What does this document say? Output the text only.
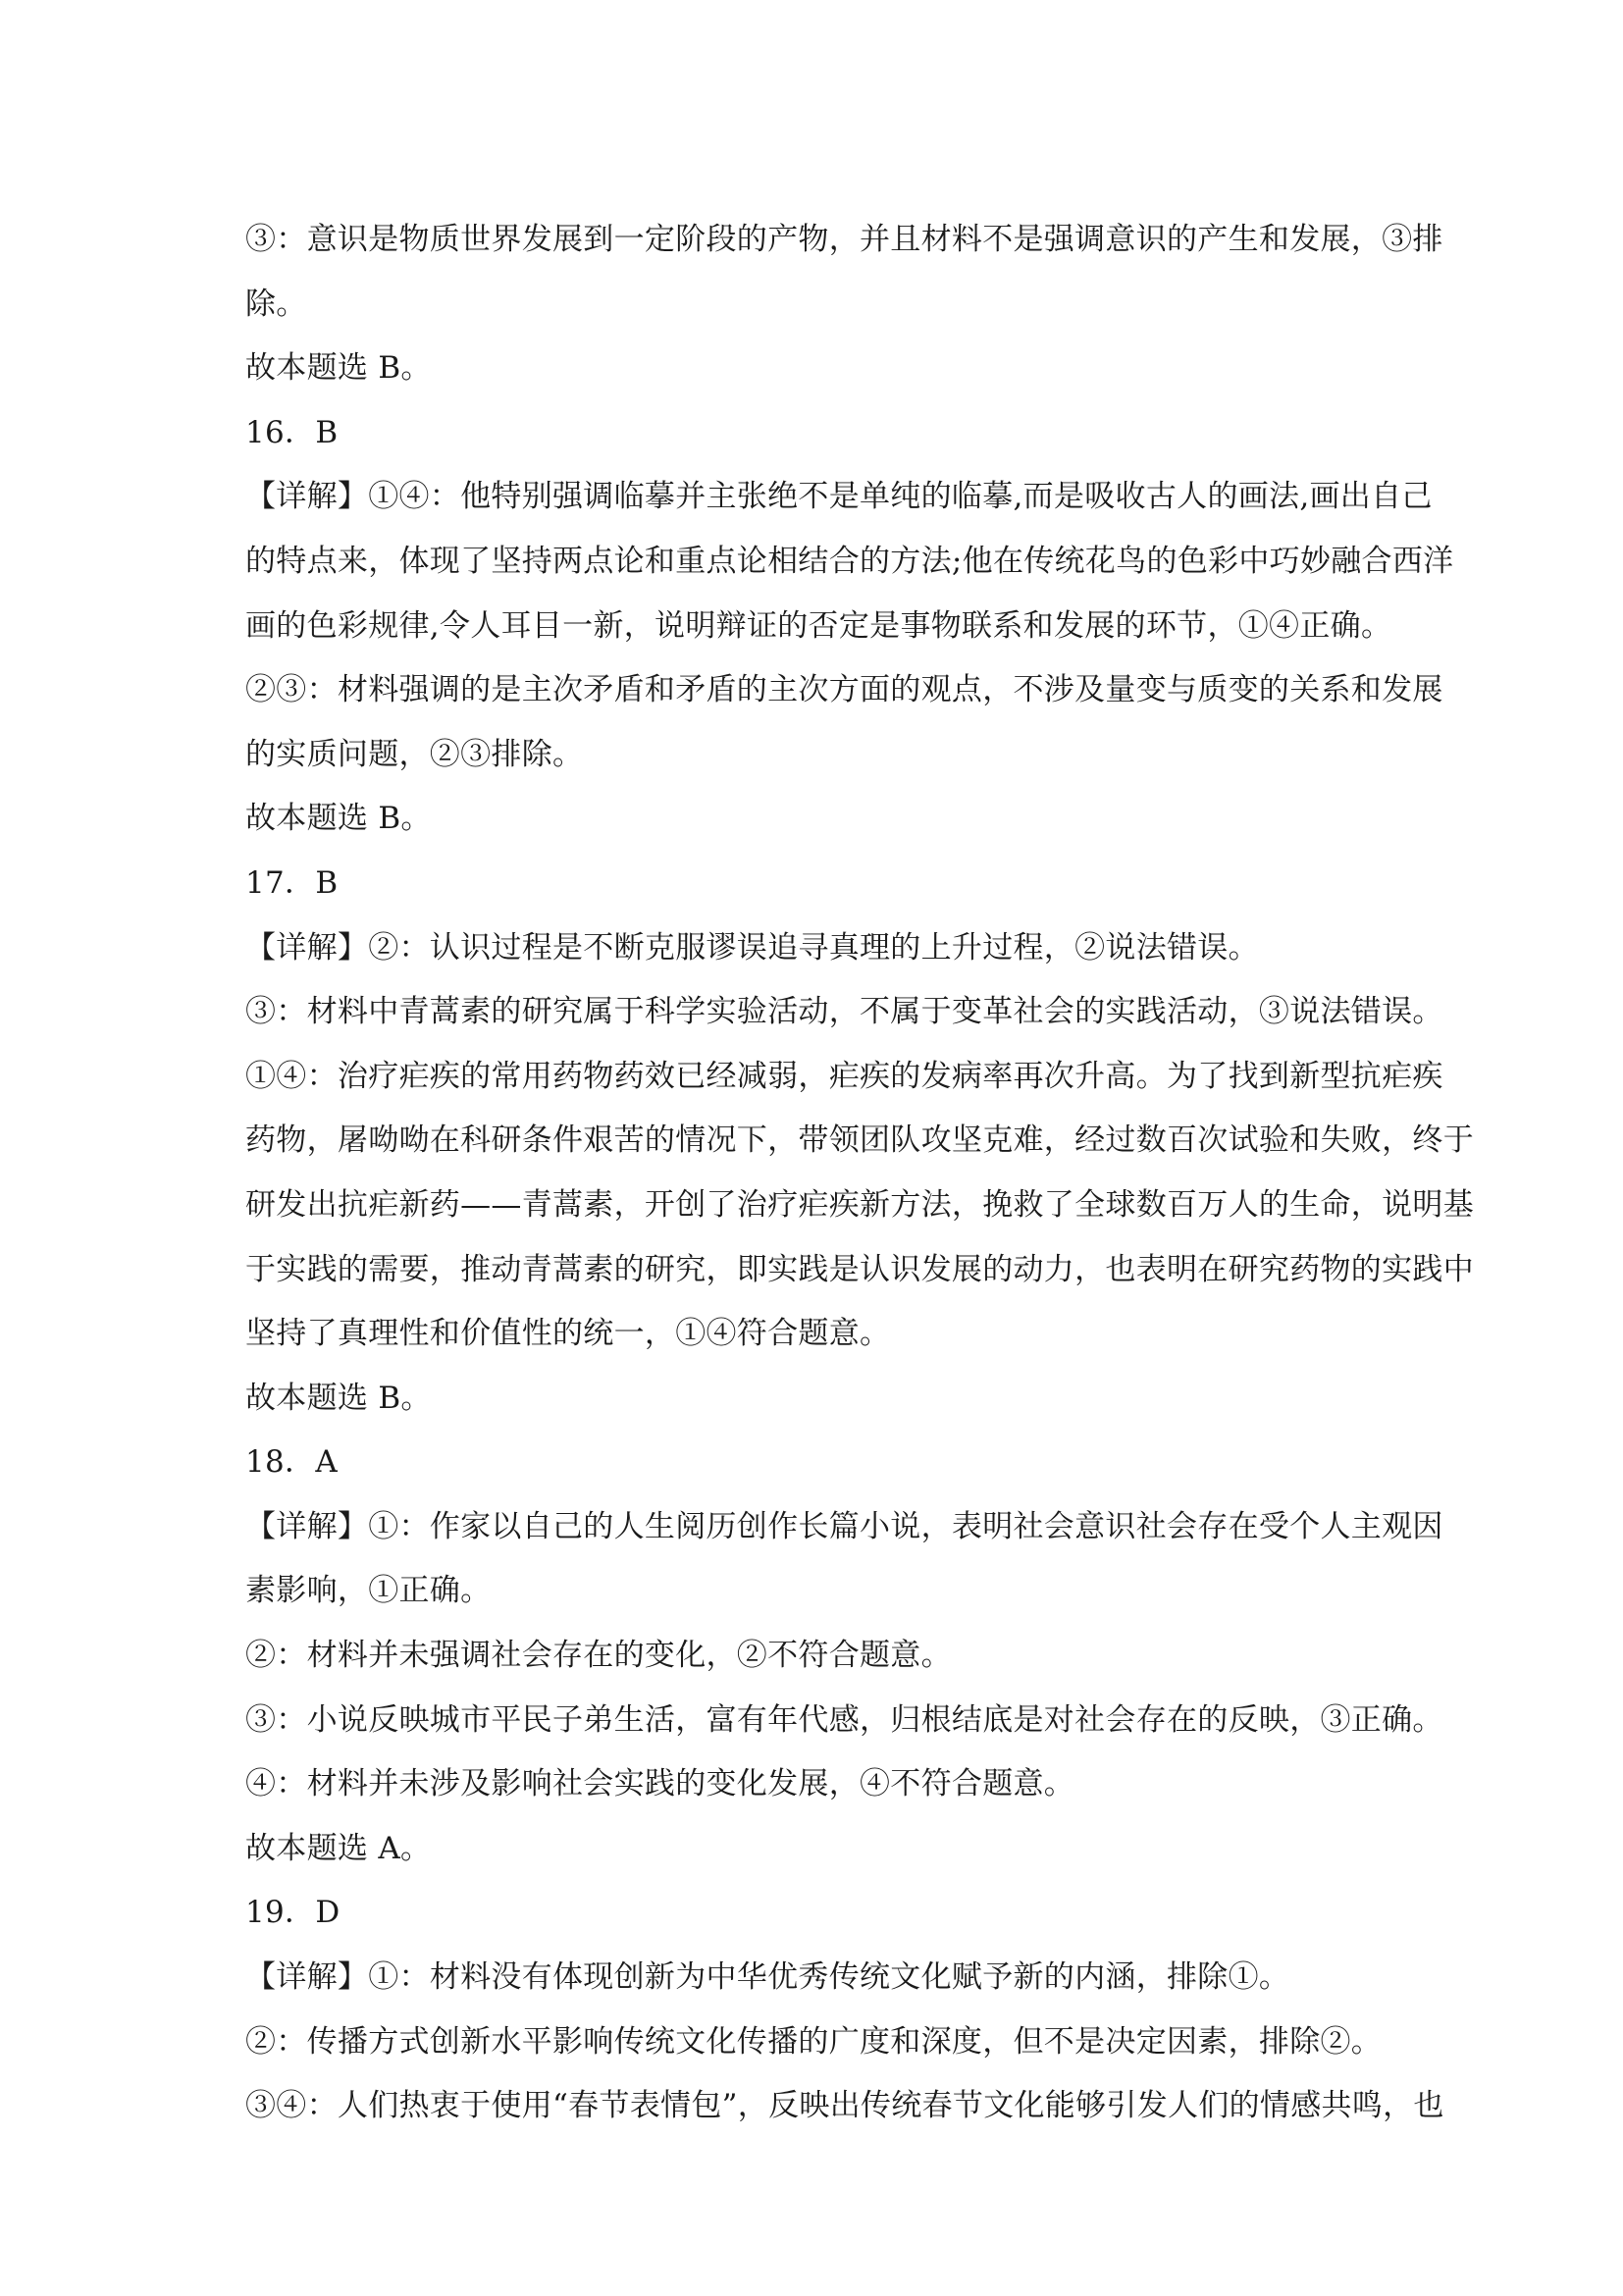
③：意识是物质世界发展到一定阶段的产物，并且材料不是强调意识的产生和发展，③排
除。
故本题选 B。
16．B
【详解】①④：他特别强调临摹并主张绝不是单纯的临摹,而是吸收古人的画法,画出自己
的特点来，体现了坚持两点论和重点论相结合的方法;他在传统花鸟的色彩中巧妙融合西洋
画的色彩规律,令人耳目一新，说明辩证的否定是事物联系和发展的环节，①④正确。
②③：材料强调的是主次矛盾和矛盾的主次方面的观点，不涉及量变与质变的关系和发展
的实质问题，②③排除。
故本题选 B。
17．B
【详解】②：认识过程是不断克服谬误追寻真理的上升过程，②说法错误。
③：材料中青蒿素的研究属于科学实验活动，不属于变革社会的实践活动，③说法错误。
①④：治疗疟疾的常用药物药效已经减弱，疟疾的发病率再次升高。为了找到新型抗疟疾
药物，屠呦呦在科研条件艰苦的情况下，带领团队攻坚克难，经过数百次试验和失败，终于
研发出抗疟新药——青蒿素，开创了治疗疟疾新方法，挽救了全球数百万人的生命，说明基
于实践的需要，推动青蒿素的研究，即实践是认识发展的动力，也表明在研究药物的实践中
坚持了真理性和价值性的统一，①④符合题意。
故本题选 B。
18．A
【详解】①：作家以自己的人生阅历创作长篇小说，表明社会意识社会存在受个人主观因
素影响，①正确。
②：材料并未强调社会存在的变化，②不符合题意。
③：小说反映城市平民子弟生活，富有年代感，归根结底是对社会存在的反映，③正确。
④：材料并未涉及影响社会实践的变化发展，④不符合题意。
故本题选 A。
19．D
【详解】①：材料没有体现创新为中华优秀传统文化赋予新的内涵，排除①。
②：传播方式创新水平影响传统文化传播的广度和深度，但不是决定因素，排除②。
③④：人们热衷于使用“春节表情包”，反映出传统春节文化能够引发人们的情感共鸣，也
